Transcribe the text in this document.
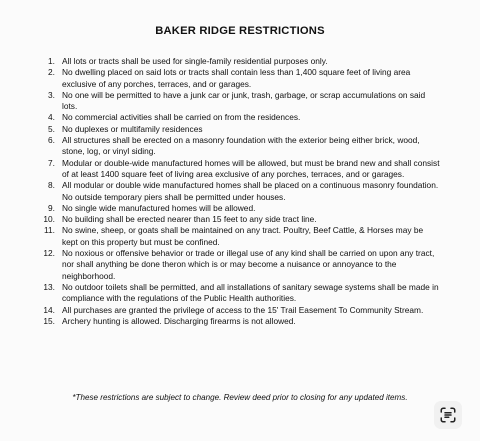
BAKER RIDGE RESTRICTIONS
1. All lots or tracts shall be used for single-family residential purposes only.
2. No dwelling placed on said lots or tracts shall contain less than 1,400 square feet of living area exclusive of any porches, terraces, and or garages.
3. No one will be permitted to have a junk car or junk, trash, garbage, or scrap accumulations on said lots.
4. No commercial activities shall be carried on from the residences.
5. No duplexes or multifamily residences
6. All structures shall be erected on a masonry foundation with the exterior being either brick, wood, stone, log, or vinyl siding.
7. Modular or double-wide manufactured homes will be allowed, but must be brand new and shall consist of at least 1400 square feet of living area exclusive of any porches, terraces, and or garages.
8. All modular or double wide manufactured homes shall be placed on a continuous masonry foundation. No outside temporary piers shall be permitted under houses.
9. No single wide manufactured homes will be allowed.
10. No building shall be erected nearer than 15 feet to any side tract line.
11. No swine, sheep, or goats shall be maintained on any tract. Poultry, Beef Cattle, & Horses may be kept on this property but must be confined.
12. No noxious or offensive behavior or trade or illegal use of any kind shall be carried on upon any tract, nor shall anything be done theron which is or may become a nuisance or annoyance to the neighborhood.
13. No outdoor toilets shall be permitted, and all installations of sanitary sewage systems shall be made in compliance with the regulations of the Public Health authorities.
14. All purchases are granted the privilege of access to the 15' Trail Easement To Community Stream.
15. Archery hunting is allowed. Discharging firearms is not allowed.
*These restrictions are subject to change. Review deed prior to closing for any updated items.
